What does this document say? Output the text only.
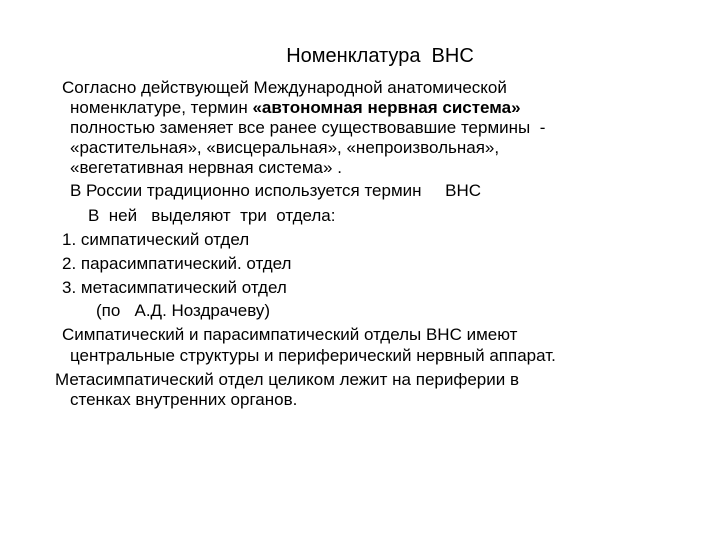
Номенклатура  ВНС
Согласно действующей Международной анатомической
номенклатуре, термин «автономная нервная система»
полностью заменяет все ранее существовавшие термины  -
«растительная», «висцеральная», «непроизвольная»,
«вегетативная нервная система» .
В России традиционно используется термин     ВНС
В  ней   выделяют  три  отдела:
1. симпатический отдел
2. парасимпатический. отдел
3. метасимпатический отдел
(по   А.Д. Ноздрачеву)
Симпатический и парасимпатический отделы ВНС имеют
центральные структуры и периферический нервный аппарат.
Метасимпатический отдел целиком лежит на периферии в
стенках внутренних органов.
